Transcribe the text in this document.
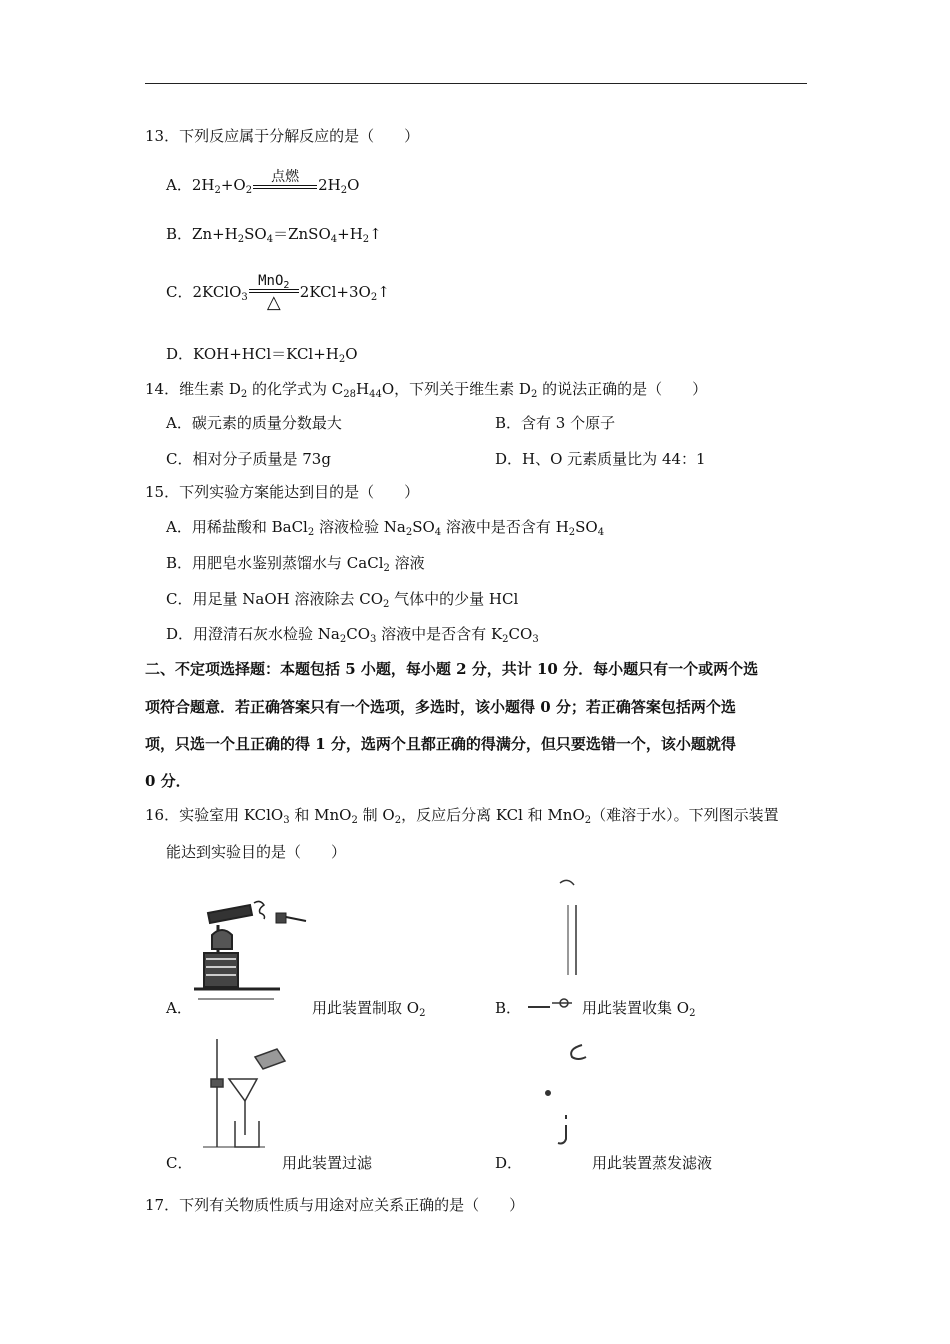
13．下列反应属于分解反应的是（　　）
A．$2H_2+O_2$
点燃	$2H_2O$
B．$Zn+H_2SO_4=ZnSO_4+H_2↑$
C．2KClO$_3$ $\frac{MnO_2}{\triangle}$ $2KCl+3O_2↑$
D．$KOH+HCl=KCl+H_2O$
14．维生素 $D_2$ 的化学式为 $C_{28}H_{44}O$，下列关于维生素 $D_2$ 的说法正确的是（　　）
A．碳元素的质量分数最大	B．含有 3 个原子
C．相对分子质量是 73g	D．H、O 元素质量比为 44：1
15．下列实验方案能达到目的是（　　）
A．用稀盐酸和 BaCl$_2$ 溶液检验 $Na_2SO_4$ 溶液中是否含有 $H_2SO_4$
B．用肥皂水鉴别蒸馏水与 CaCl$_2$ 溶液
C．用足量 NaOH 溶液除去 $CO_2$ 气体中的少量 HCl
D．用澄清石灰水检验 $Na_2CO_3$ 溶液中是否含有 $K_2CO_3$
二、不定项选择题：本题包括 5 小题，每小题 2 分，共计 10 分．每小题只有一个或两个选
项符合题意．若正确答案只有一个选项，多选时，该小题得 0 分；若正确答案包括两个选
项，只选一个且正确的得 1 分，选两个且都正确的得满分，但只要选错一个，该小题就得
0 分．
16．实验室用 KClO$_3$ 和 MnO$_2$ 制 $O_2$，反应后分离 KCl 和 MnO$_2$（难溶于水）。下列图示装置
能达到实验目的是（　　）
A．	用此装置制取 $O_2$	B．	用此装置收集 $O_2$
C．	用此装置过滤	D．	用此装置蒸发滤液
17．下列有关物质性质与用途对应关系正确的是（　　）
